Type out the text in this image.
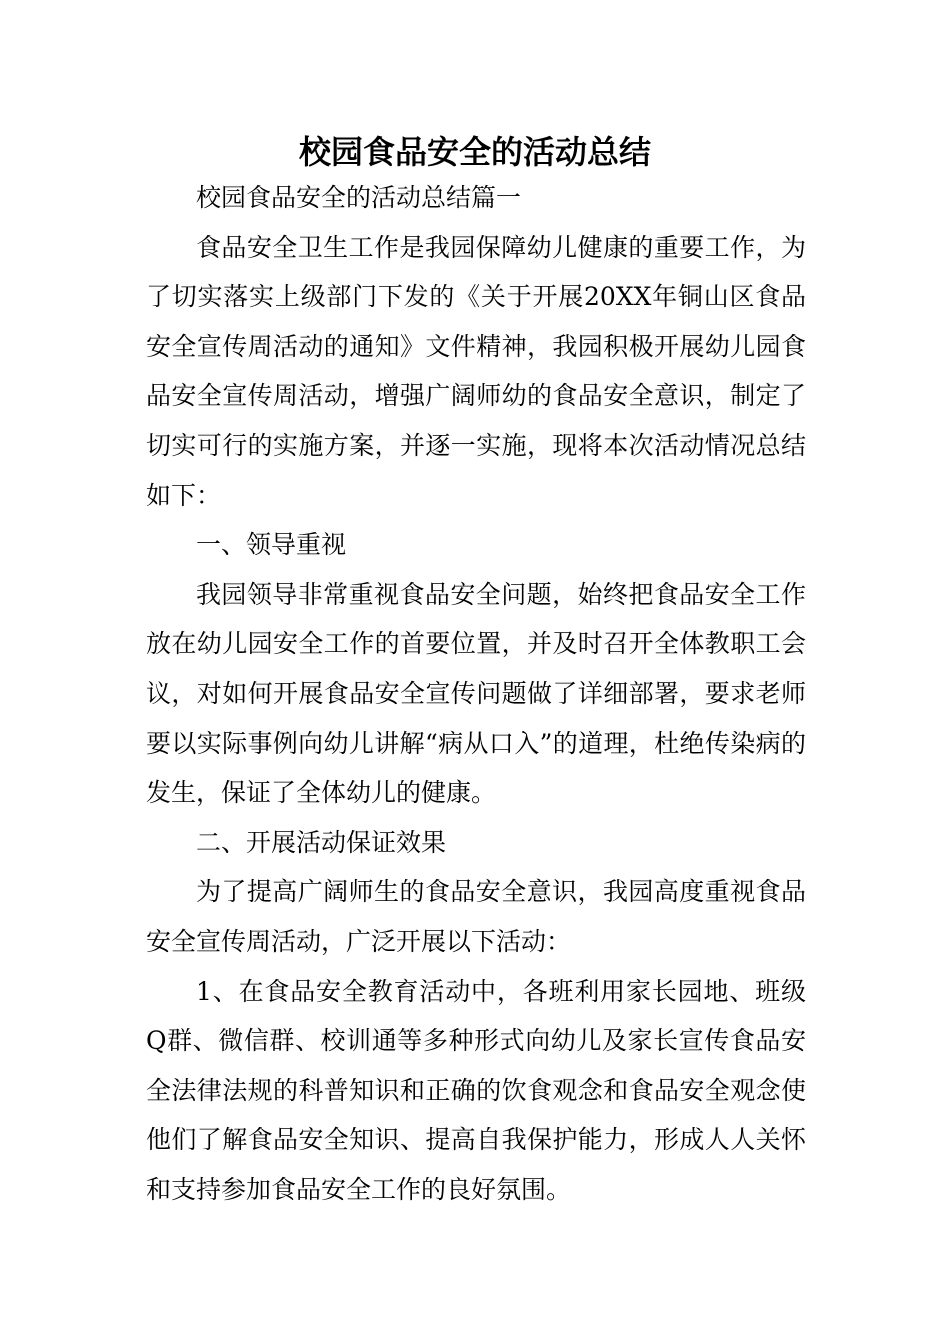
校园食品安全的活动总结

校园食品安全的活动总结篇一

食品安全卫生工作是我园保障幼儿健康的重要工作，为了切实落实上级部门下发的《关于开展20XX年铜山区食品安全宣传周活动的通知》文件精神，我园积极开展幼儿园食品安全宣传周活动，增强广阔师幼的食品安全意识，制定了切实可行的实施方案，并逐一实施，现将本次活动情况总结如下：

一、领导重视

我园领导非常重视食品安全问题，始终把食品安全工作放在幼儿园安全工作的首要位置，并及时召开全体教职工会议，对如何开展食品安全宣传问题做了详细部署，要求老师要以实际事例向幼儿讲解“病从口入”的道理，杜绝传染病的发生，保证了全体幼儿的健康。

二、开展活动保证效果

为了提高广阔师生的食品安全意识，我园高度重视食品安全宣传周活动，广泛开展以下活动：

1、在食品安全教育活动中，各班利用家长园地、班级Q群、微信群、校训通等多种形式向幼儿及家长宣传食品安全法律法规的科普知识和正确的饮食观念和食品安全观念使他们了解食品安全知识、提高自我保护能力，形成人人关怀和支持参加食品安全工作的良好氛围。
